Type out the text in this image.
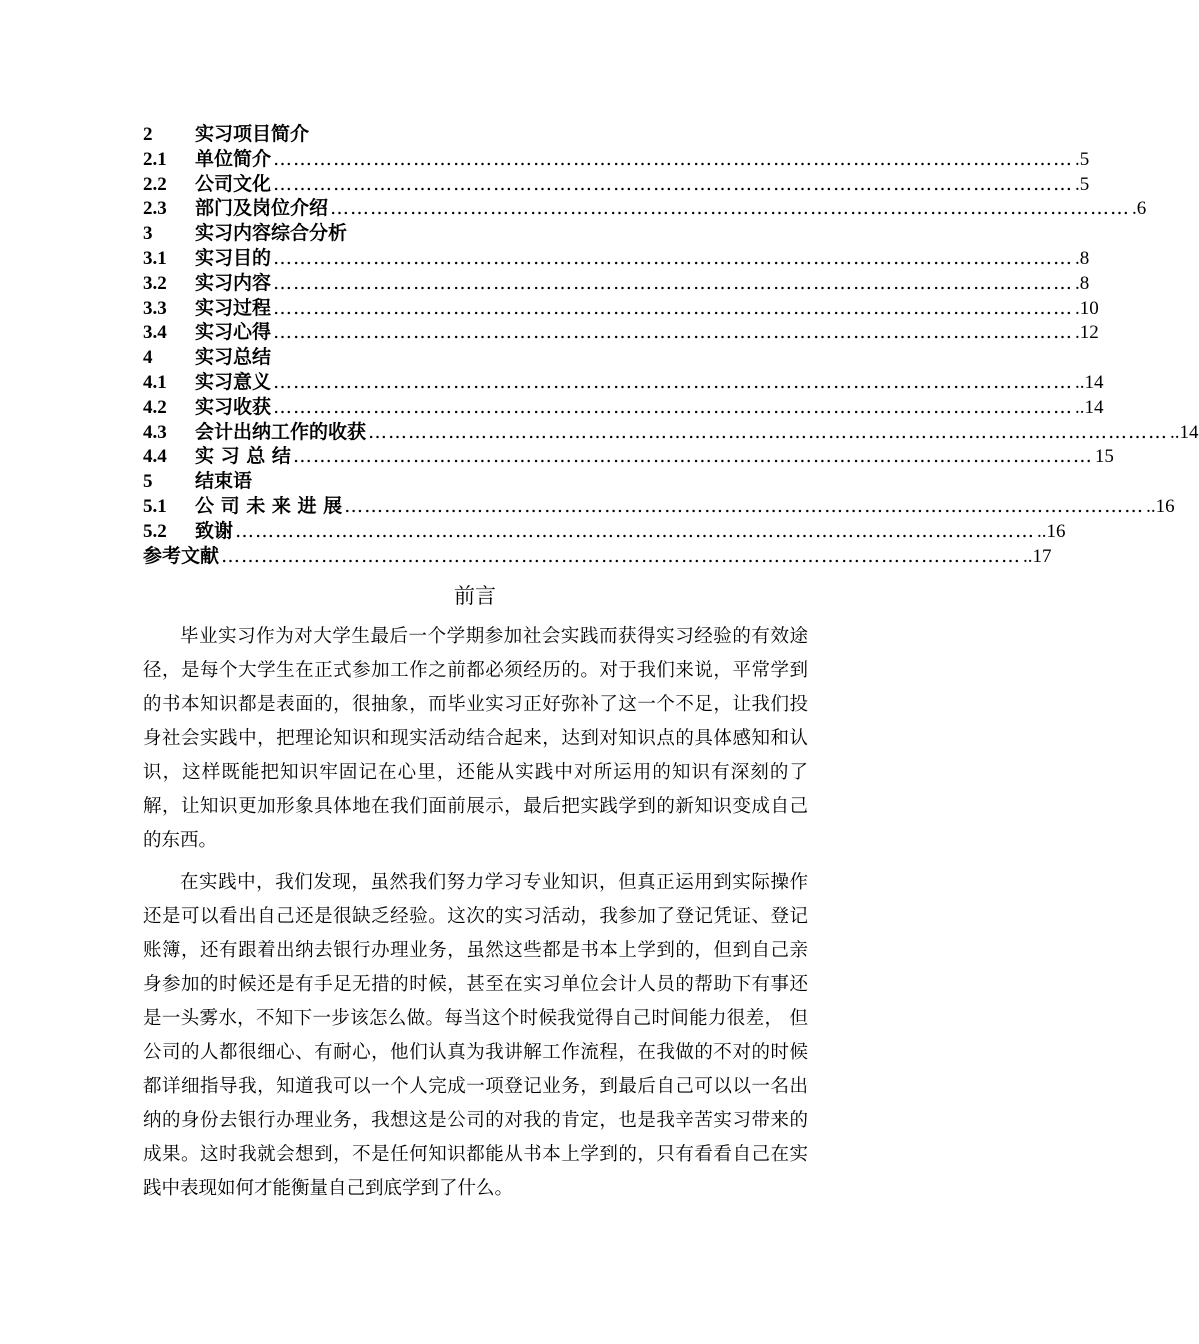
2	实习项目简介
2.1	单位简介 ………………………………………………………………………………………………………… .5
2.2	公司文化 ………………………………………………………………………………………………………… .5
2.3	部门及岗位介绍 ………………………………………………………………………………………………………… .6
3	实习内容综合分析
3.1	实习目的 ………………………………………………………………………………………………………… .8
3.2	实习内容 ………………………………………………………………………………………………………… .8
3.3	实习过程 ………………………………………………………………………………………………………… .10
3.4	实习心得 ………………………………………………………………………………………………………… .12
4	实习总结
4.1	实习意义 ………………………………………………………………………………………………………… ..14
4.2	实习收获 ………………………………………………………………………………………………………… ..14
4.3	会计出纳工作的收获 ………………………………………………………………………………………………………… ..14
4.4	实 习 总 结 ………………………………………………………………………………………………………… 15
5	结束语
5.1	公 司 未 来 进 展 ………………………………………………………………………………………………………… ..16
5.2	致谢 ………………………………………………………………………………………………………… ..16
参考文献 ………………………………………………………………………………………………………… ..17
前言

毕业实习作为对大学生最后一个学期参加社会实践而获得实习经验的有效途径，是每个大学生在正式参加工作之前都必须经历的。对于我们来说，平常学到的书本知识都是表面的，很抽象，而毕业实习正好弥补了这一个不足，让我们投身社会实践中，把理论知识和现实活动结合起来，达到对知识点的具体感知和认识，这样既能把知识牢固记在心里，还能从实践中对所运用的知识有深刻的了解，让知识更加形象具体地在我们面前展示，最后把实践学到的新知识变成自己的东西。

在实践中，我们发现，虽然我们努力学习专业知识，但真正运用到实际操作还是可以看出自己还是很缺乏经验。这次的实习活动，我参加了登记凭证、登记账簿，还有跟着出纳去银行办理业务，虽然这些都是书本上学到的，但到自己亲身参加的时候还是有手足无措的时候，甚至在实习单位会计人员的帮助下有事还是一头雾水，不知下一步该怎么做。每当这个时候我觉得自己时间能力很差， 但公司的人都很细心、有耐心，他们认真为我讲解工作流程，在我做的不对的时候都详细指导我，知道我可以一个人完成一项登记业务，到最后自己可以以一名出纳的身份去银行办理业务，我想这是公司的对我的肯定，也是我辛苦实习带来的成果。这时我就会想到，不是任何知识都能从书本上学到的，只有看看自己在实践中表现如何才能衡量自己到底学到了什么。
